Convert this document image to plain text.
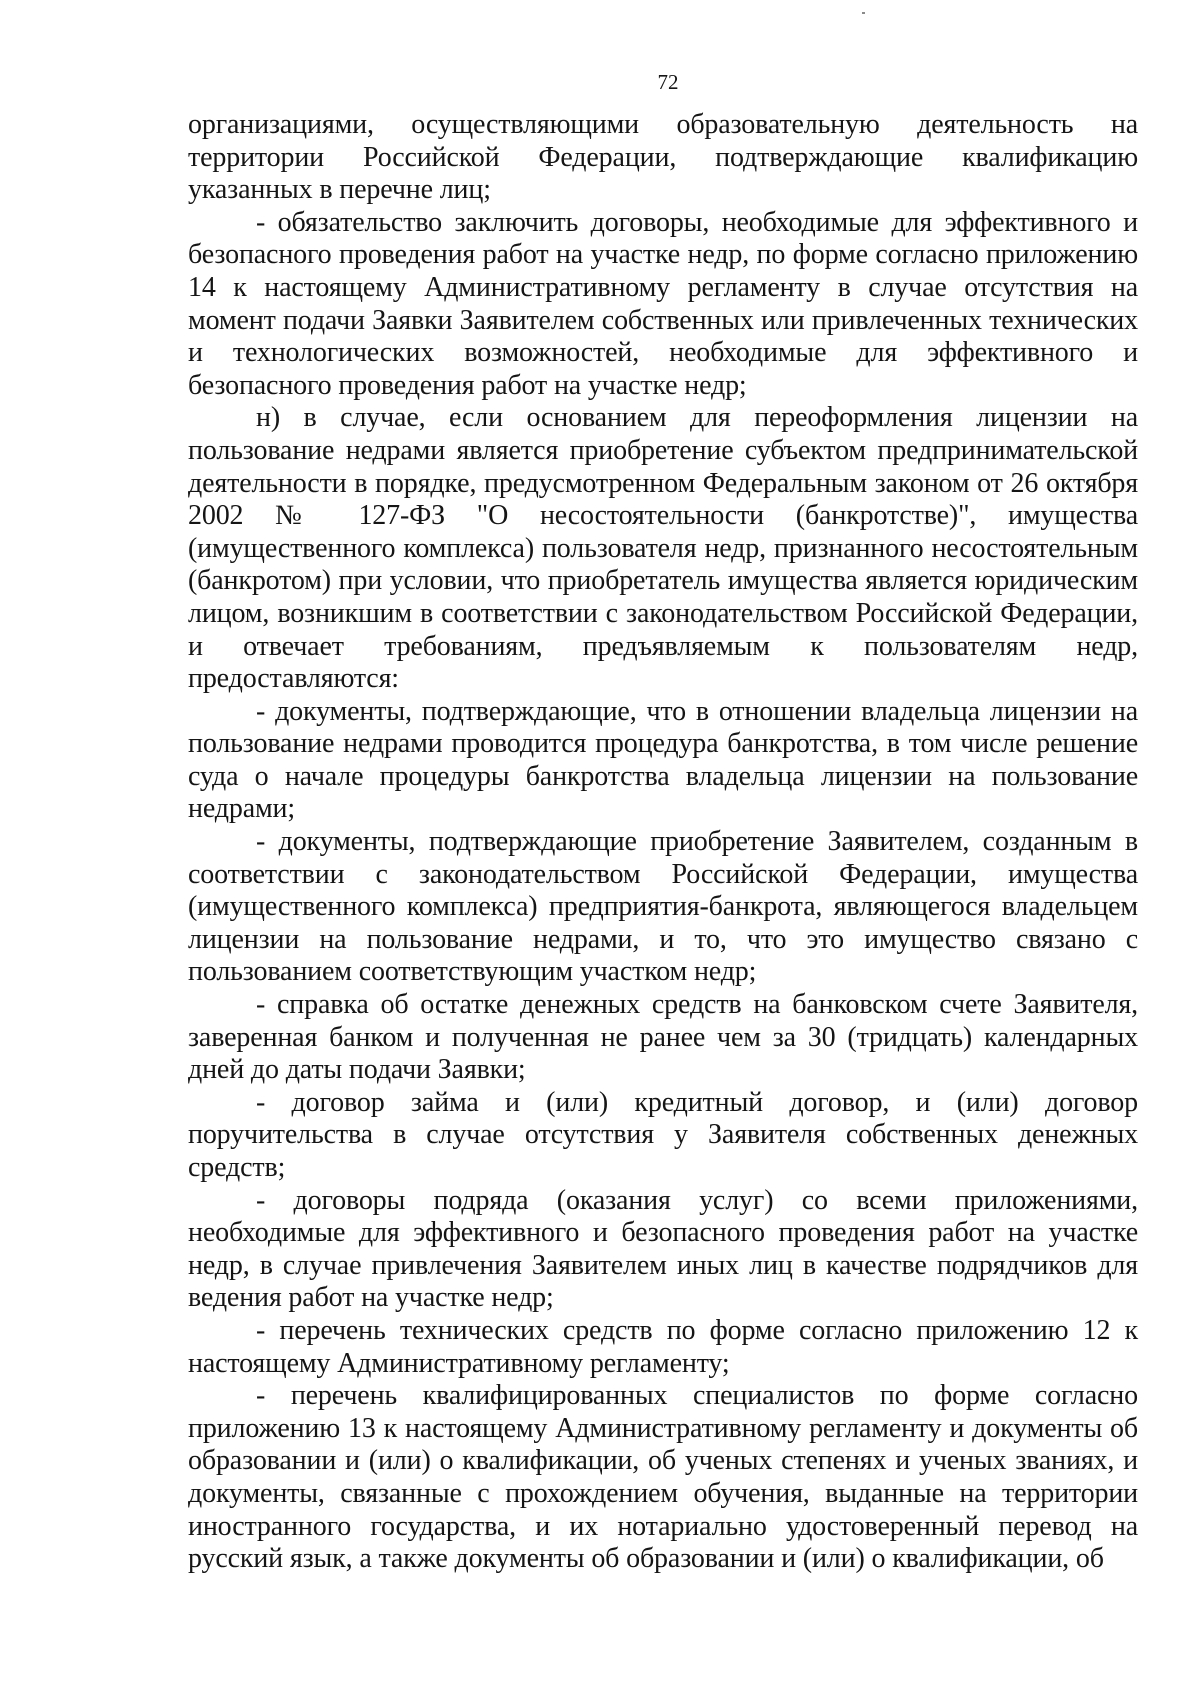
72

организациями, осуществляющими образовательную деятельность на территории Российской Федерации, подтверждающие квалификацию указанных в перечне лиц;

- обязательство заключить договоры, необходимые для эффективного и безопасного проведения работ на участке недр, по форме согласно приложению 14 к настоящему Административному регламенту в случае отсутствия на момент подачи Заявки Заявителем собственных или привлеченных технических и технологических возможностей, необходимые для эффективного и безопасного проведения работ на участке недр;

н) в случае, если основанием для переоформления лицензии на пользование недрами является приобретение субъектом предпринимательской деятельности в порядке, предусмотренном Федеральным законом от 26 октября 2002 № 127-ФЗ "О несостоятельности (банкротстве)", имущества (имущественного комплекса) пользователя недр, признанного несостоятельным (банкротом) при условии, что приобретатель имущества является юридическим лицом, возникшим в соответствии с законодательством Российской Федерации, и отвечает требованиям, предъявляемым к пользователям недр, предоставляются:

- документы, подтверждающие, что в отношении владельца лицензии на пользование недрами проводится процедура банкротства, в том числе решение суда о начале процедуры банкротства владельца лицензии на пользование недрами;

- документы, подтверждающие приобретение Заявителем, созданным в соответствии с законодательством Российской Федерации, имущества (имущественного комплекса) предприятия-банкрота, являющегося владельцем лицензии на пользование недрами, и то, что это имущество связано с пользованием соответствующим участком недр;

- справка об остатке денежных средств на банковском счете Заявителя, заверенная банком и полученная не ранее чем за 30 (тридцать) календарных дней до даты подачи Заявки;

- договор займа и (или) кредитный договор, и (или) договор поручительства в случае отсутствия у Заявителя собственных денежных средств;

- договоры подряда (оказания услуг) со всеми приложениями, необходимые для эффективного и безопасного проведения работ на участке недр, в случае привлечения Заявителем иных лиц в качестве подрядчиков для ведения работ на участке недр;

- перечень технических средств по форме согласно приложению 12 к настоящему Административному регламенту;

- перечень квалифицированных специалистов по форме согласно приложению 13 к настоящему Административному регламенту и документы об образовании и (или) о квалификации, об ученых степенях и ученых званиях, и документы, связанные с прохождением обучения, выданные на территории иностранного государства, и их нотариально удостоверенный перевод на русский язык, а также документы об образовании и (или) о квалификации, об
